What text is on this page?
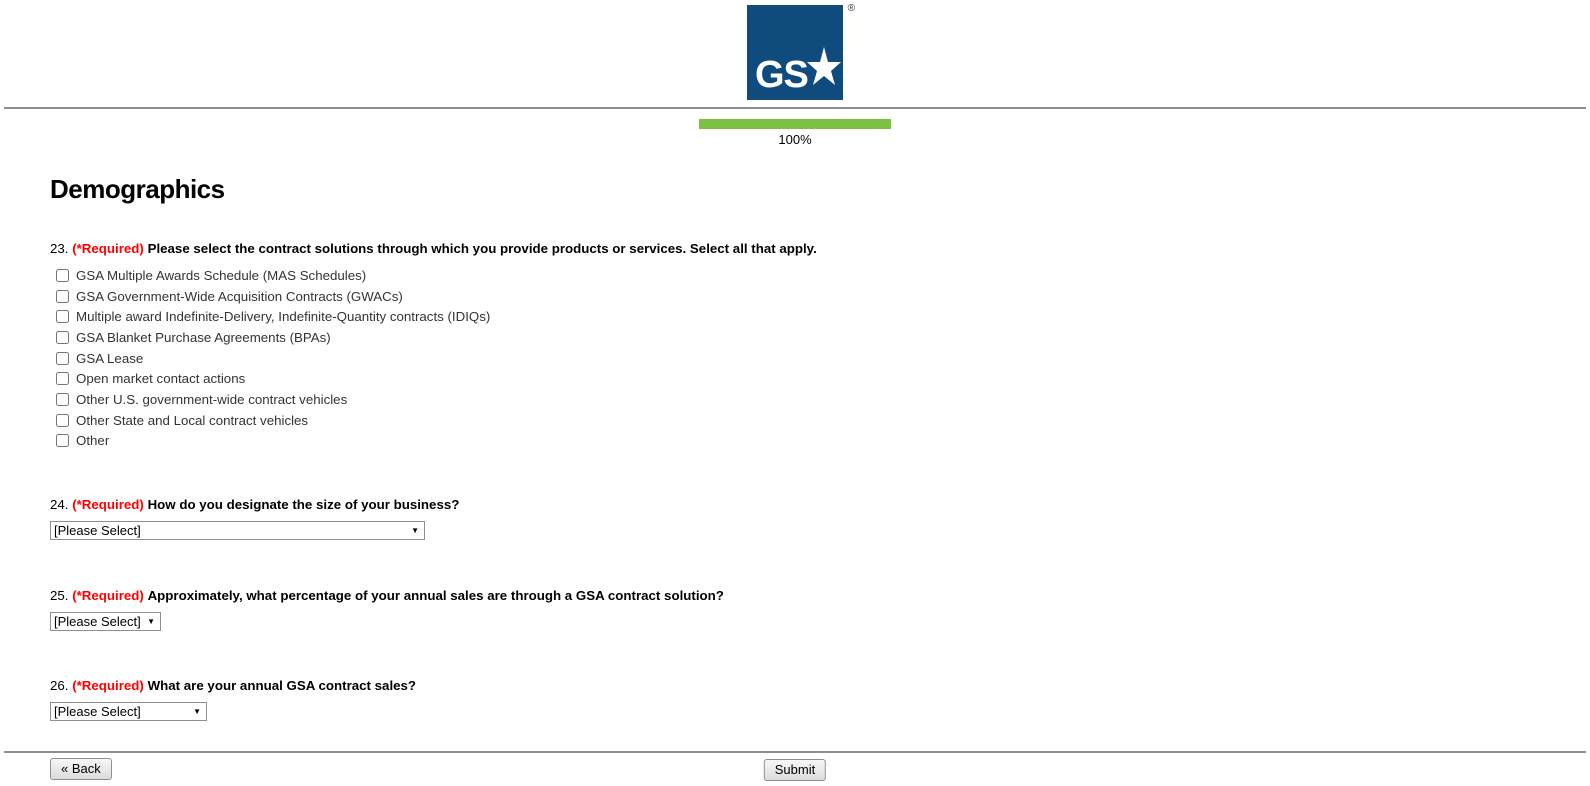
GS
®
100%
Demographics
23. (*Required) Please select the contract solutions through which you provide products or services. Select all that apply.
GSA Multiple Awards Schedule (MAS Schedules)
GSA Government-Wide Acquisition Contracts (GWACs)
Multiple award Indefinite-Delivery, Indefinite-Quantity contracts (IDIQs)
GSA Blanket Purchase Agreements (BPAs)
GSA Lease
Open market contact actions
Other U.S. government-wide contract vehicles
Other State and Local contract vehicles
Other
24. (*Required) How do you designate the size of your business?
[Please Select]
▼
25. (*Required) Approximately, what percentage of your annual sales are through a GSA contract solution?
[Please Select]
▼
26. (*Required) What are your annual GSA contract sales?
[Please Select]
▼
« Back	Submit
